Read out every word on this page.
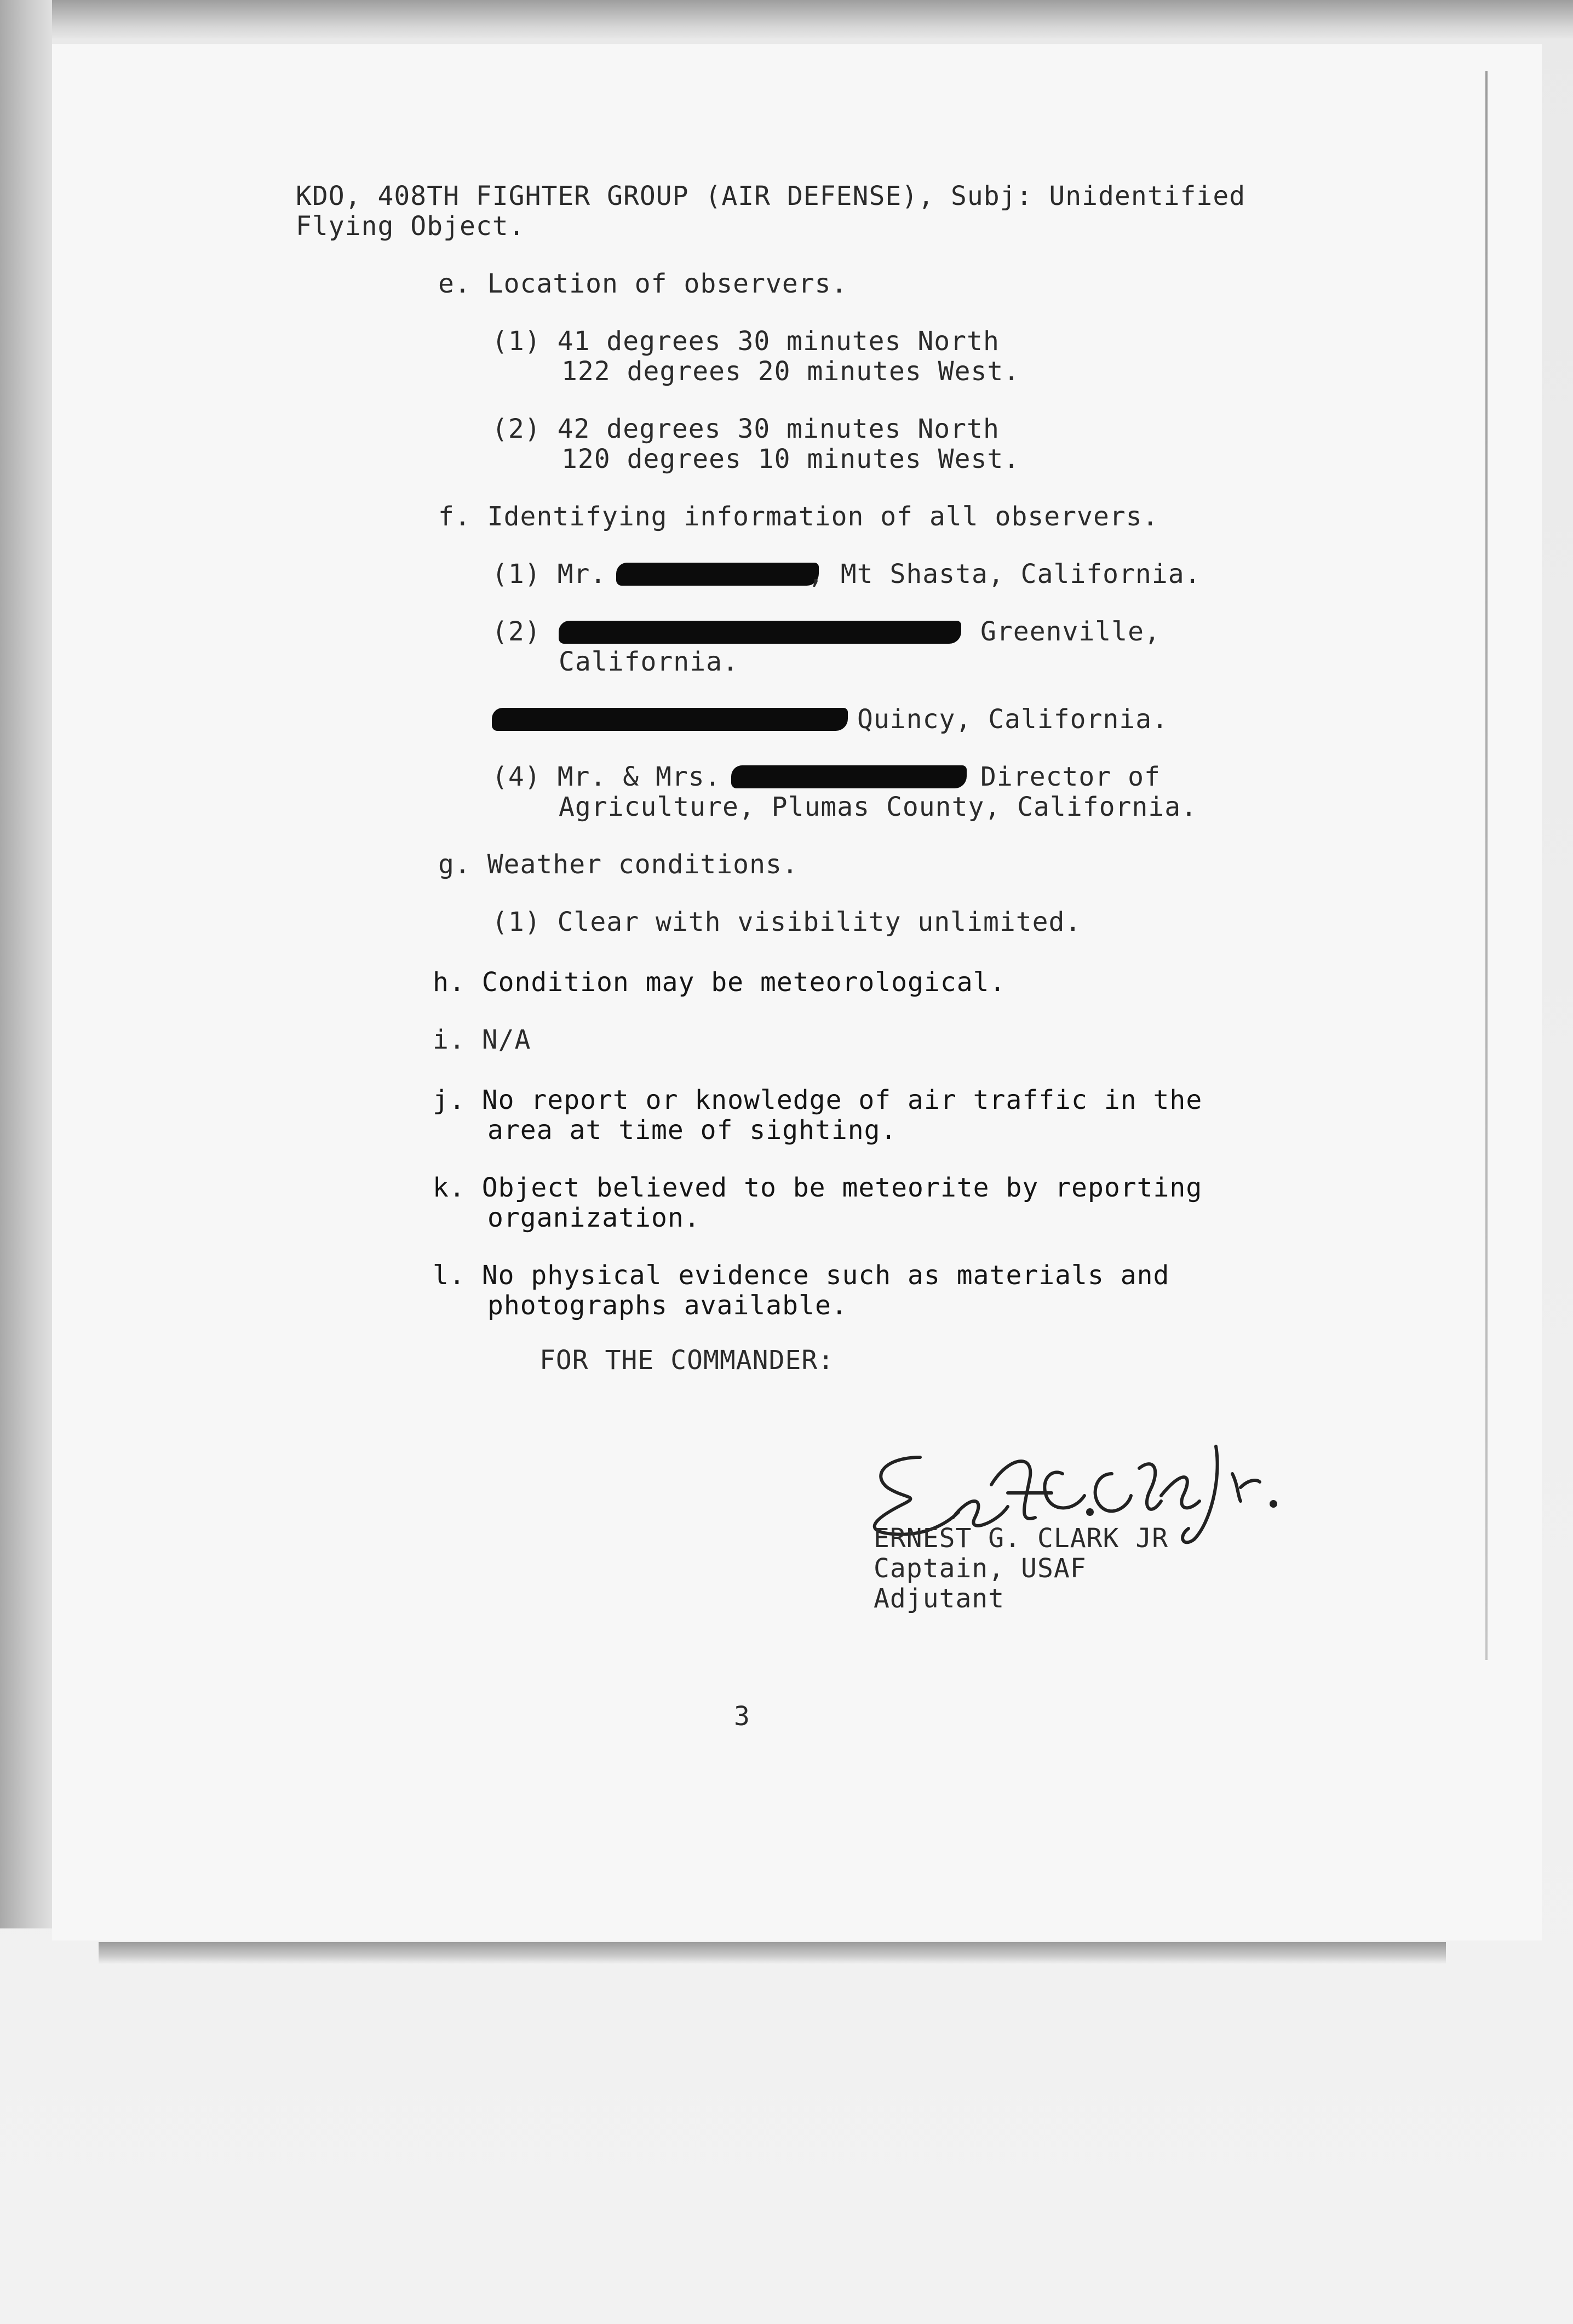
KDO, 408TH FIGHTER GROUP (AIR DEFENSE), Subj: Unidentified
Flying Object.
e. Location of observers.
(1) 41 degrees 30 minutes North
122 degrees 20 minutes West.
(2) 42 degrees 30 minutes North
120 degrees 10 minutes West.
f. Identifying information of all observers.
(1) Mr.	, Mt Shasta, California.
(2)	Greenville,
California.
Quincy, California.
(4) Mr. & Mrs.	Director of
Agriculture, Plumas County, California.
g. Weather conditions.
(1) Clear with visibility unlimited.
h. Condition may be meteorological.
i. N/A
j. No report or knowledge of air traffic in the
area at time of sighting.
k. Object believed to be meteorite by reporting
organization.
l. No physical evidence such as materials and
photographs available.
FOR THE COMMANDER:
Ernest G. Clark Jr.
ERNEST G. CLARK JR
Captain, USAF
Adjutant
3
